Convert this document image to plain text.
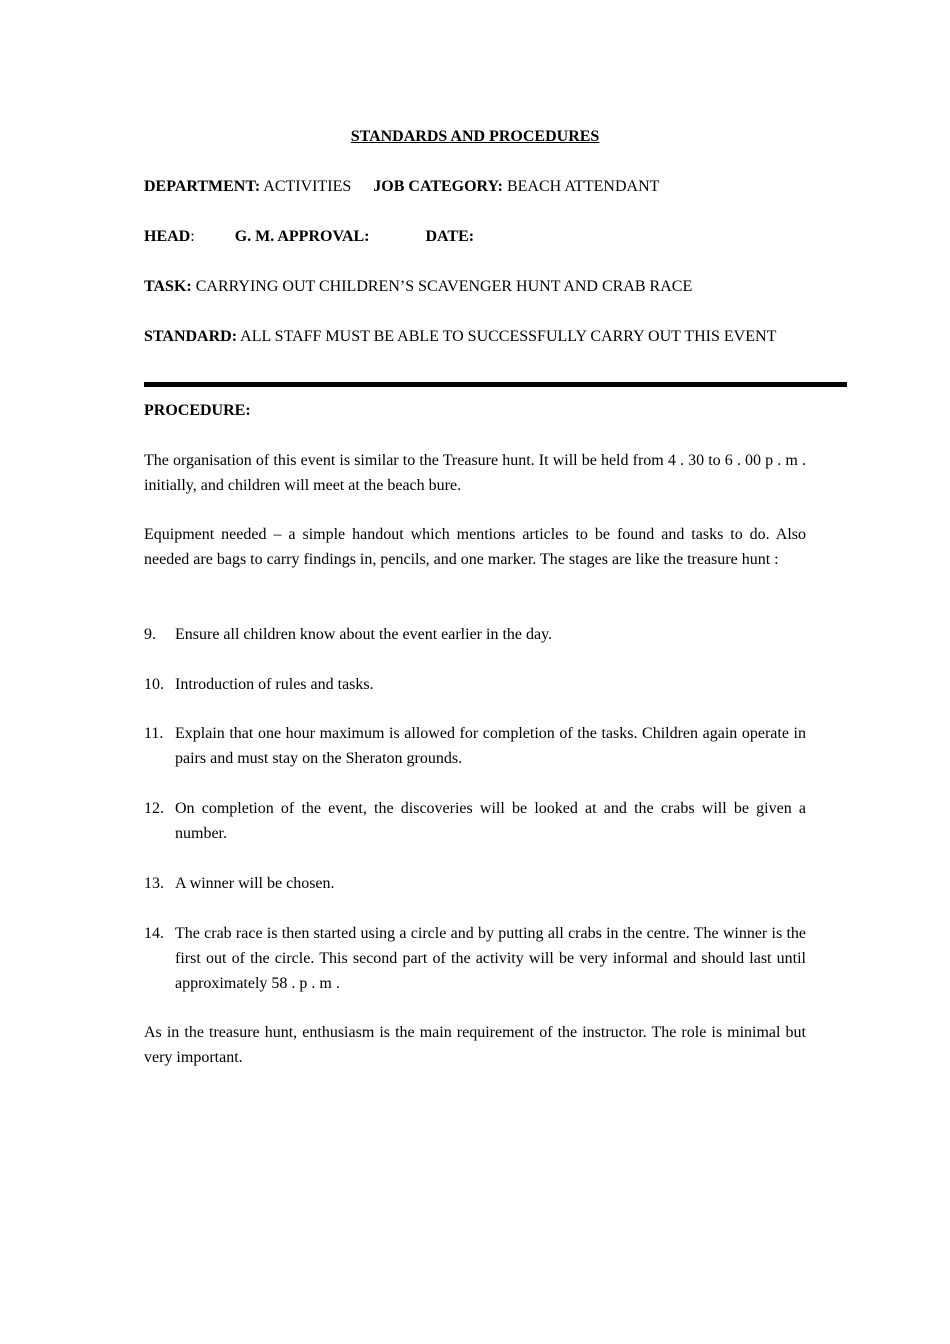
STANDARDS AND PROCEDURES
DEPARTMENT: ACTIVITIES JOB CATEGORY: BEACH ATTENDANT
HEAD:	G. M. APPROVAL:	DATE:
TASK: CARRYING OUT CHILDREN’S SCAVENGER HUNT AND CRAB RACE
STANDARD: ALL STAFF MUST BE ABLE TO SUCCESSFULLY CARRY OUT THIS EVENT
PROCEDURE:

The organisation of this event is similar to the Treasure hunt. It will be held from 4 . 30 to 6 . 00 p . m . initially, and children will meet at the beach bure.

Equipment needed – a simple handout which mentions articles to be found and tasks to do. Also needed are bags to carry findings in, pencils, and one marker. The stages are like the treasure hunt :

9. Ensure all children know about the event earlier in the day.
10. Introduction of rules and tasks.
11. Explain that one hour maximum is allowed for completion of the tasks. Children again operate in pairs and must stay on the Sheraton grounds.
12. On completion of the event, the discoveries will be looked at and the crabs will be given a number.
13. A winner will be chosen.
14. The crab race is then started using a circle and by putting all crabs in the centre. The winner is the first out of the circle. This second part of the activity will be very informal and should last until approximately 58 . p . m .

As in the treasure hunt, enthusiasm is the main requirement of the instructor. The role is minimal but very important.
